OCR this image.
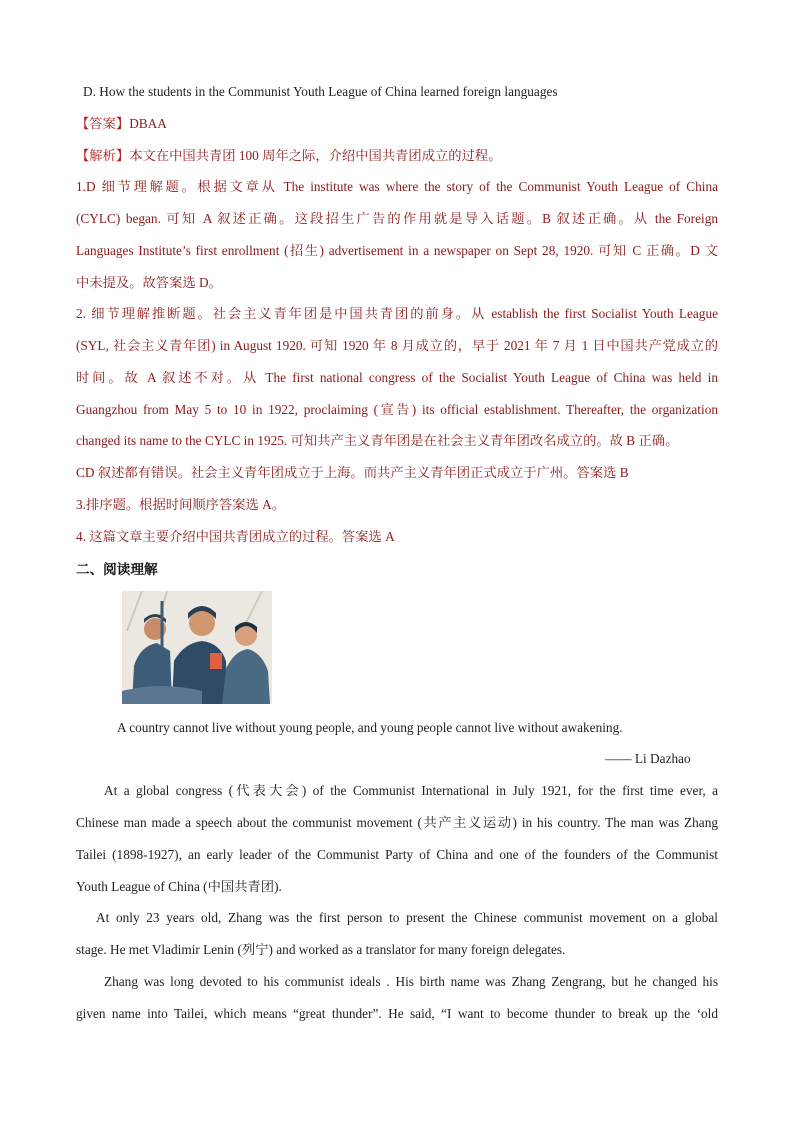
D. How the students in the Communist Youth League of China learned foreign languages
【答案】DBAA
【解析】本文在中国共青团 100 周年之际，介绍中国共青团成立的过程。
1.D 细节理解题。根据文章从 The institute was where the story of the Communist Youth League of China
(CYLC) began. 可知 A 叙述正确。这段招生广告的作用就是导入话题。B 叙述正确。从 the Foreign
Languages Institute’s first enrollment (招生) advertisement in a newspaper on Sept 28, 1920. 可知 C 正确。D 文
中未提及。故答案选 D。
2. 细节理解推断题。社会主义青年团是中国共青团的前身。从 establish the first Socialist Youth League
(SYL, 社会主义青年团) in August 1920. 可知 1920 年 8 月成立的，早于 2021 年 7 月 1 日中国共产党成立的
时间。故 A 叙述不对。从 The first national congress of the Socialist Youth League of China was held in
Guangzhou from May 5 to 10 in 1922, proclaiming (宣告) its official establishment. Thereafter, the organization
changed its name to the CYLC in 1925. 可知共产主义青年团是在社会主义青年团改名成立的。故 B 正确。
CD 叙述都有错误。社会主义青年团成立于上海。而共产主义青年团正式成立于广州。答案选 B
3.排序题。根据时间顺序答案选 A。
4. 这篇文章主要介绍中国共青团成立的过程。答案选 A
二、阅读理解
A country cannot live without young people, and young people cannot live without awakening.
—— Li Dazhao
At a global congress (代表大会) of the Communist International in July 1921, for the first time ever, a
Chinese man made a speech about the communist movement (共产主义运动) in his country. The man was Zhang
Tailei (1898-1927), an early leader of the Communist Party of China and one of the founders of the Communist
Youth League of China (中国共青团).
At only 23 years old, Zhang was the first person to present the Chinese communist movement on a global
stage. He met Vladimir Lenin (列宁) and worked as a translator for many foreign delegates.
Zhang was long devoted to his communist ideals . His birth name was Zhang Zengrang, but he changed his
given name into Tailei, which means “great thunder”. He said, “I want to become thunder to break up the ‘old
